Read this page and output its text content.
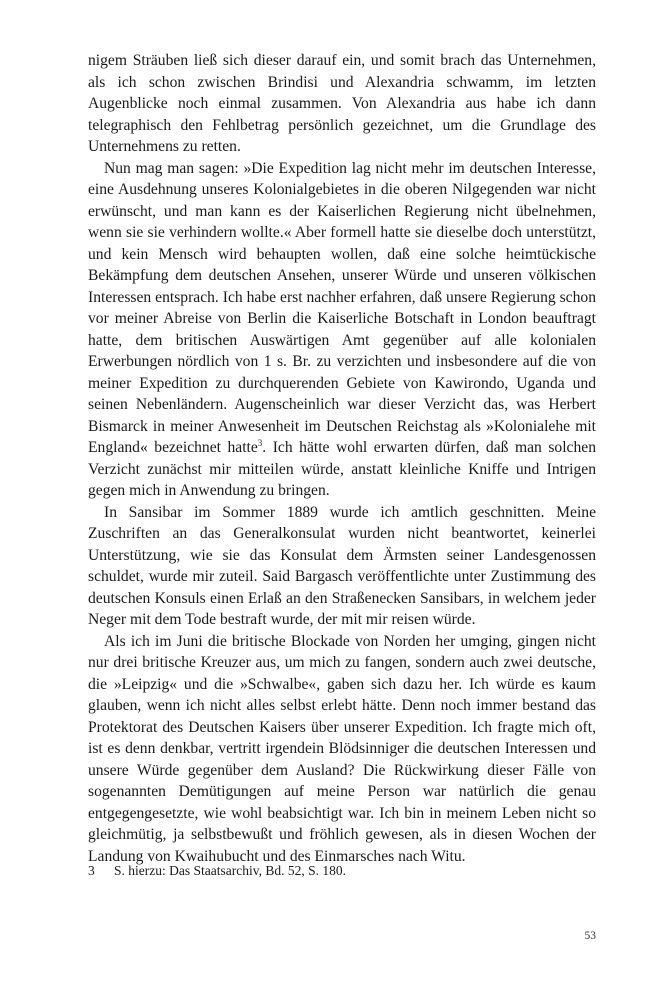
nigem Sträuben ließ sich dieser darauf ein, und somit brach das Unternehmen, als ich schon zwischen Brindisi und Alexandria schwamm, im letzten Augenblicke noch einmal zusammen. Von Alexandria aus habe ich dann telegraphisch den Fehlbetrag persönlich gezeichnet, um die Grundlage des Unternehmens zu retten.

Nun mag man sagen: »Die Expedition lag nicht mehr im deutschen Interesse, eine Ausdehnung unseres Kolonialgebietes in die oberen Nilgegenden war nicht erwünscht, und man kann es der Kaiserlichen Regierung nicht übelnehmen, wenn sie sie verhindern wollte.« Aber formell hatte sie dieselbe doch unterstützt, und kein Mensch wird behaupten wollen, daß eine solche heimtückische Bekämpfung dem deutschen Ansehen, unserer Würde und unseren völkischen Interessen entsprach. Ich habe erst nachher erfahren, daß unsere Regierung schon vor meiner Abreise von Berlin die Kaiserliche Botschaft in London beauftragt hatte, dem britischen Auswärtigen Amt gegenüber auf alle kolonialen Erwerbungen nördlich von 1 s. Br. zu verzichten und insbesondere auf die von meiner Expedition zu durchquerenden Gebiete von Kawirondo, Uganda und seinen Nebenländern. Augenscheinlich war dieser Verzicht das, was Herbert Bismarck in meiner Anwesenheit im Deutschen Reichstag als »Kolonialehe mit England« bezeichnet hatte$^3$. Ich hätte wohl erwarten dürfen, daß man solchen Verzicht zunächst mir mitteilen würde, anstatt kleinliche Kniffe und Intrigen gegen mich in Anwendung zu bringen.

In Sansibar im Sommer 1889 wurde ich amtlich geschnitten. Meine Zuschriften an das Generalkonsulat wurden nicht beantwortet, keinerlei Unterstützung, wie sie das Konsulat dem Ärmsten seiner Landesgenossen schuldet, wurde mir zuteil. Said Bargasch veröffentlichte unter Zustimmung des deutschen Konsuls einen Erlaß an den Straßenecken Sansibars, in welchem jeder Neger mit dem Tode bestraft wurde, der mit mir reisen würde.

Als ich im Juni die britische Blockade von Norden her umging, gingen nicht nur drei britische Kreuzer aus, um mich zu fangen, sondern auch zwei deutsche, die »Leipzig« und die »Schwalbe«, gaben sich dazu her. Ich würde es kaum glauben, wenn ich nicht alles selbst erlebt hätte. Denn noch immer bestand das Protektorat des Deutschen Kaisers über unserer Expedition. Ich fragte mich oft, ist es denn denkbar, vertritt irgendein Blödsinniger die deutschen Interessen und unsere Würde gegenüber dem Ausland? Die Rückwirkung dieser Fälle von sogenannten Demütigungen auf meine Person war natürlich die genau entgegengesetzte, wie wohl beabsichtigt war. Ich bin in meinem Leben nicht so gleichmütig, ja selbstbewußt und fröhlich gewesen, als in diesen Wochen der Landung von Kwaihubucht und des Einmarsches nach Witu.

3	S. hierzu: Das Staatsarchiv, Bd. 52, S. 180.
53
